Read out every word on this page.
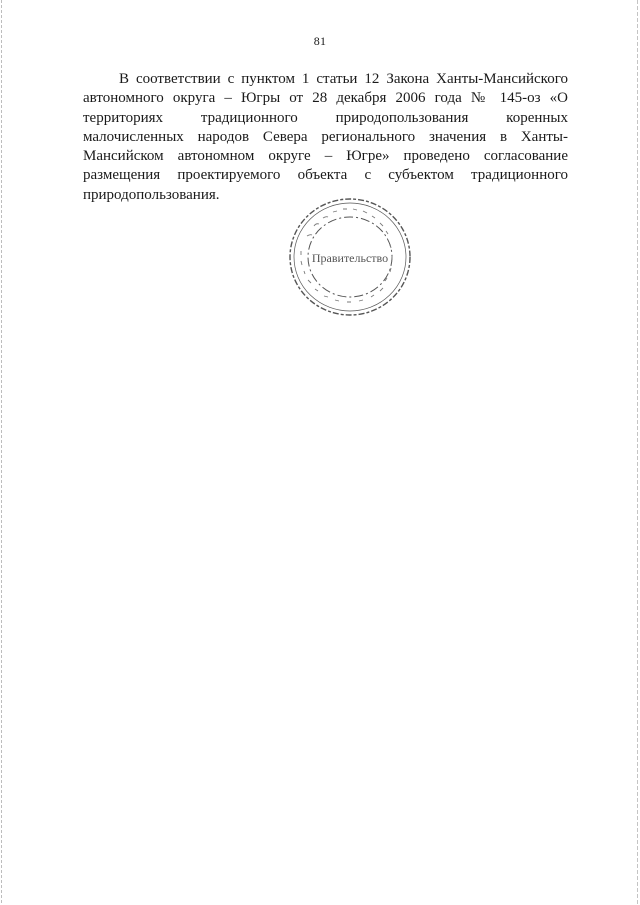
81

В соответствии с пунктом 1 статьи 12 Закона Ханты-Мансийского автономного округа – Югры от 28 декабря 2006 года № 145-оз «О территориях традиционного природопользования коренных малочисленных народов Севера регионального значения в Ханты-Мансийском автономном округе – Югре» проведено согласование размещения проектируемого объекта с субъектом традиционного природопользования.

Правительство
